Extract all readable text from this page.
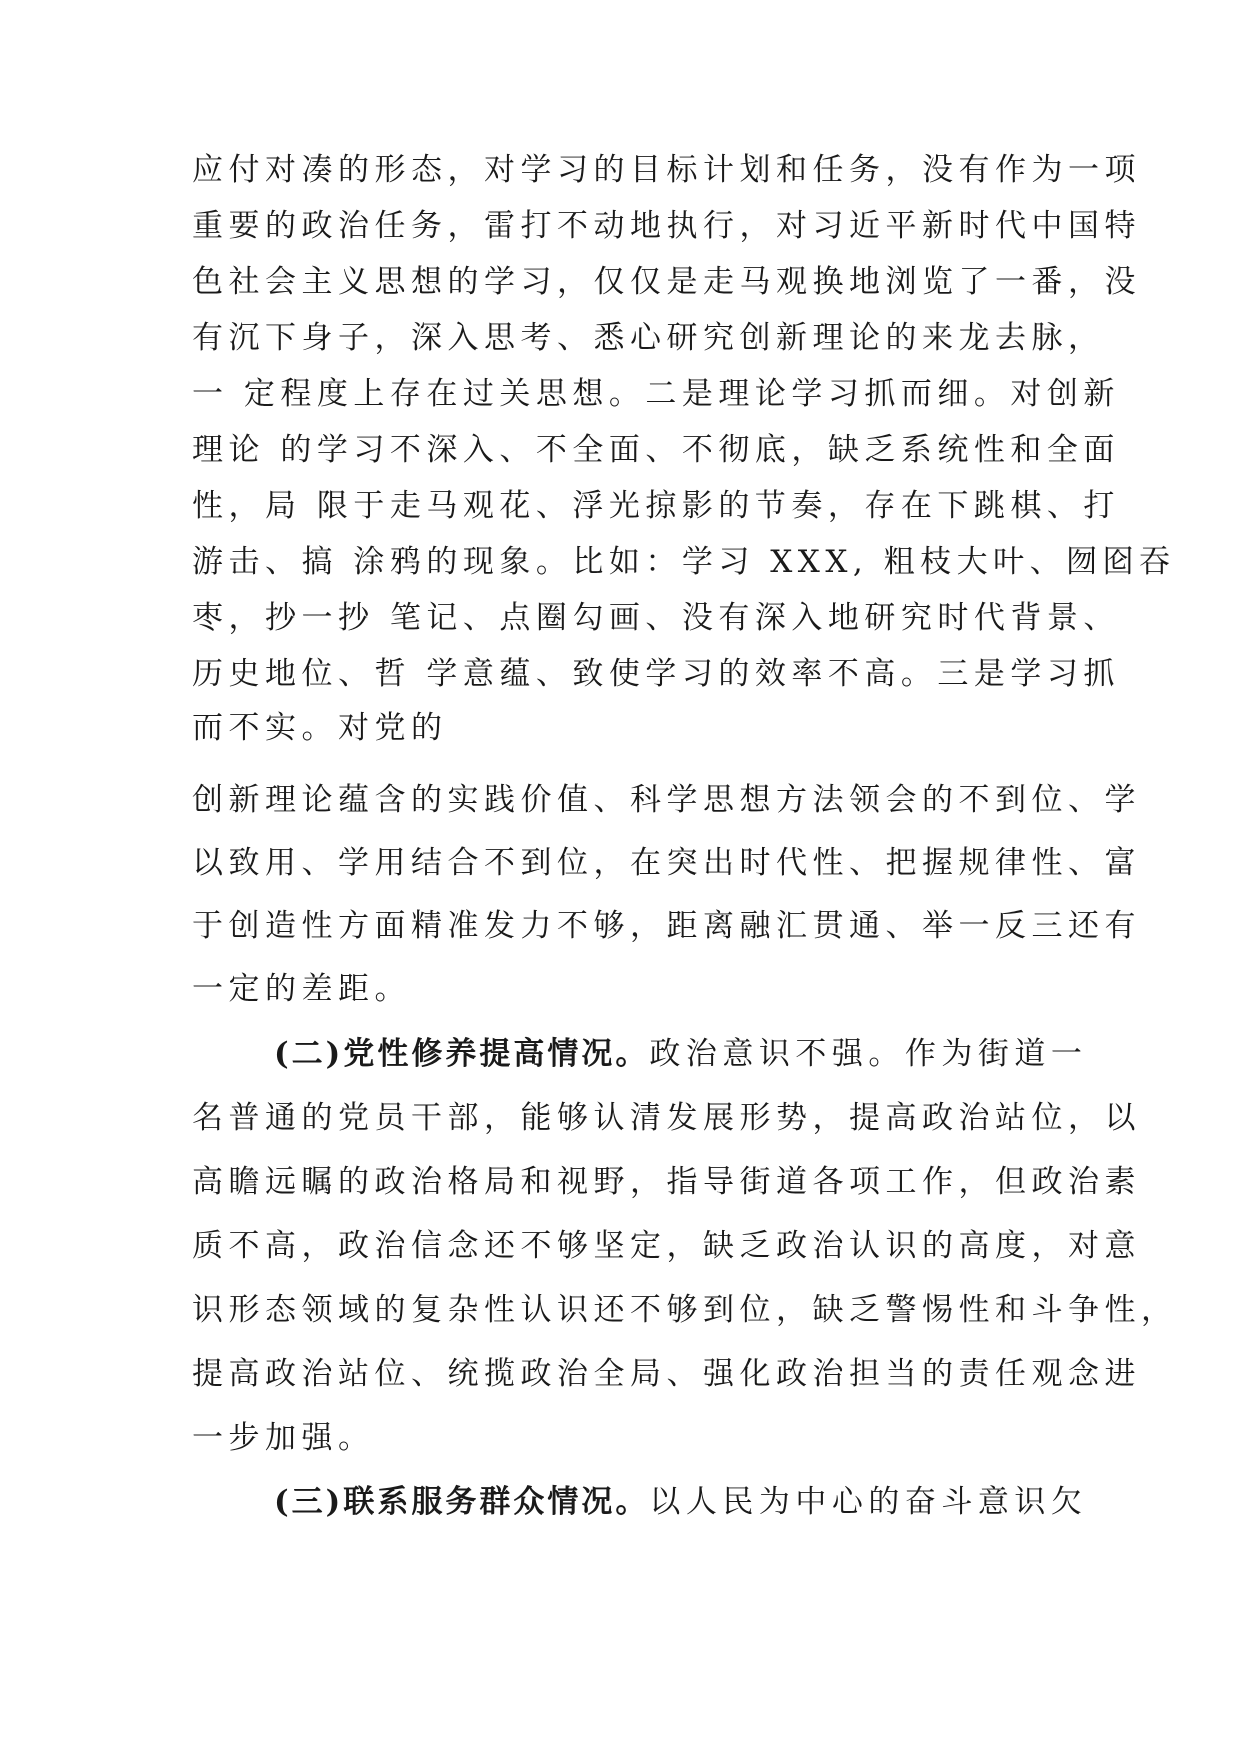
应付对凑的形态，对学习的目标计划和任务，没有作为一项
重要的政治任务，雷打不动地执行，对习近平新时代中国特
色社会主义思想的学习，仅仅是走马观换地浏览了一番，没
有沉下身子，深入思考、悉心研究创新理论的来龙去脉，
一 定程度上存在过关思想。二是理论学习抓而细。对创新
理论 的学习不深入、不全面、不彻底，缺乏系统性和全面
性，局 限于走马观花、浮光掠影的节奏，存在下跳棋、打
游击、搞 涂鸦的现象。比如：学习 XXX, 粗枝大叶、囫囵吞
枣，抄一抄 笔记、点圈勾画、没有深入地研究时代背景、
历史地位、哲 学意蕴、致使学习的效率不高。三是学习抓
而不实。对党的
创新理论蕴含的实践价值、科学思想方法领会的不到位、学
以致用、学用结合不到位，在突出时代性、把握规律性、富
于创造性方面精准发力不够，距离融汇贯通、举一反三还有
一定的差距。
(二)党性修养提高情况。政治意识不强。作为街道一
名普通的党员干部，能够认清发展形势，提高政治站位，以
高瞻远瞩的政治格局和视野，指导街道各项工作，但政治素
质不高，政治信念还不够坚定，缺乏政治认识的高度，对意
识形态领域的复杂性认识还不够到位，缺乏警惕性和斗争性，
提高政治站位、统揽政治全局、强化政治担当的责任观念进
一步加强。
(三)联系服务群众情况。以人民为中心的奋斗意识欠
